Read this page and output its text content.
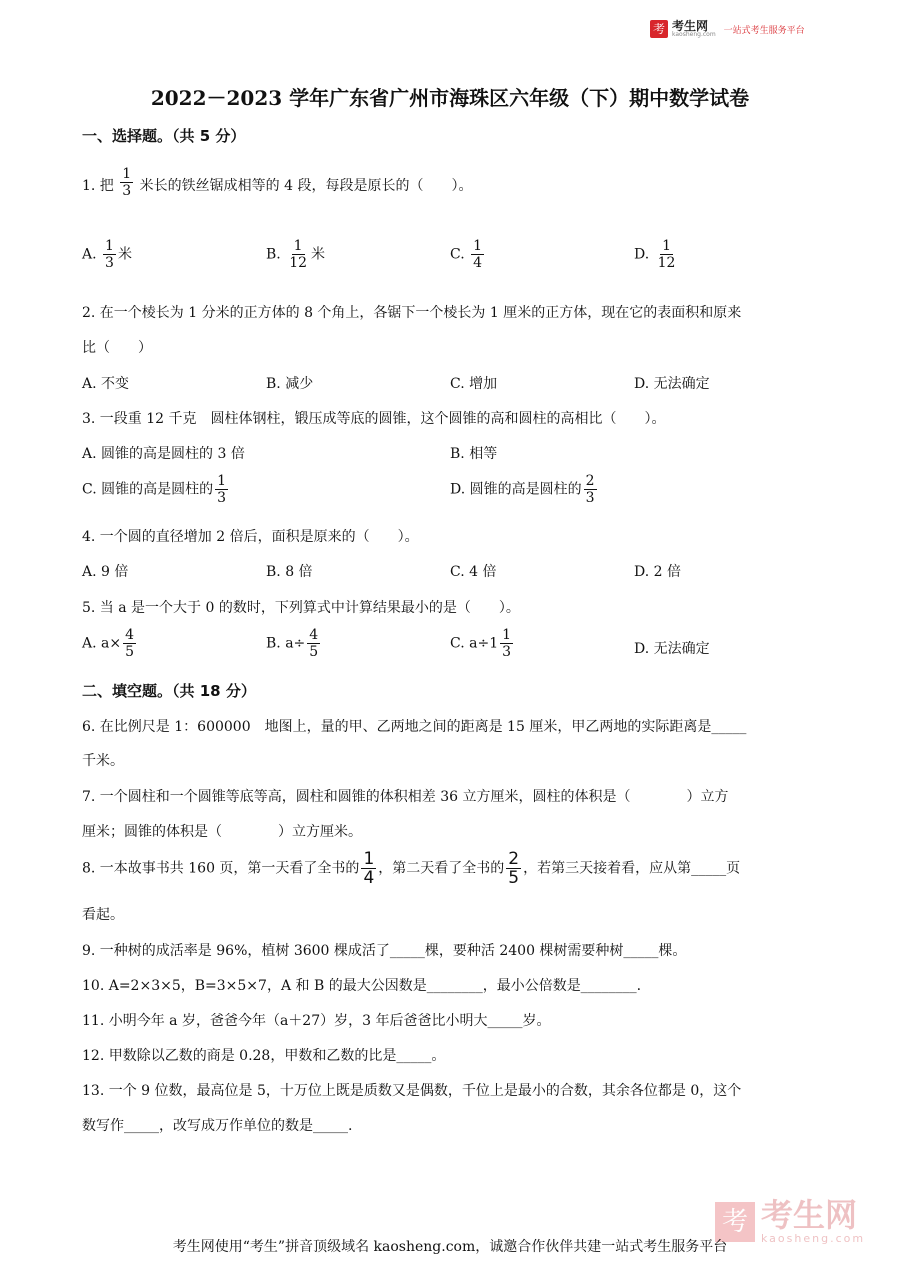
考 考生网
kaosheng.com 一站式考生服务平台
2022－2023 学年广东省广州市海珠区六年级（下）期中数学试卷
一、选择题。（共 5 分）
1. 把 $\frac{1}{3}$ 米长的铁丝锯成相等的 4 段，每段是原长的（　　）。
A. $\frac{1}{3}$ 米	B. $\frac{1}{12}$ 米	C. $\frac{1}{4}$	D. $\frac{1}{12}$
2. 在一个棱长为 1 分米的正方体的 8 个角上，各锯下一个棱长为 1 厘米的正方体，现在它的表面积和原来
比（　　）
A. 不变	B. 减少	C. 增加	D. 无法确定
3. 一段重 12 千克　圆柱体钢柱，锻压成等底的圆锥，这个圆锥的高和圆柱的高相比（　　）。
A. 圆锥的高是圆柱的 3 倍	B. 相等
C. 圆锥的高是圆柱的 $\frac{1}{3}$	D. 圆锥的高是圆柱的 $\frac{2}{3}$
4. 一个圆的直径增加 2 倍后，面积是原来的（　　）。
A. 9 倍	B. 8 倍	C. 4 倍	D. 2 倍
5. 当 a 是一个大于 0 的数时，下列算式中计算结果最小的是（　　）。
A. $a\times \frac{4}{5}$	B. $a\div \frac{4}{5}$	C. $a\div 1 \frac{1}{3}$	D. 无法确定
二、填空题。（共 18 分）
6. 在比例尺是 1：600000　地图上，量的甲、乙两地之间的距离是 15 厘米，甲乙两地的实际距离是_____
千米。
7. 一个圆柱和一个圆锥等底等高，圆柱和圆锥的体积相差 36 立方厘米，圆柱的体积是（　　　　）立方
厘米；圆锥的体积是（　　　　）立方厘米。
8. 一本故事书共 160 页，第一天看了全书的 $\frac{1}{4}$ ，第二天看了全书的 $\frac{2}{5}$ ，若第三天接着看，应从第_____页
看起。
9. 一种树的成活率是 96%，植树 3600 棵成活了_____棵，要种活 2400 棵树需要种树_____棵。
10. A=2×3×5，B=3×5×7，A 和 B 的最大公因数是________，最小公倍数是________.
11. 小明今年 a 岁，爸爸今年（a＋27）岁，3 年后爸爸比小明大_____岁。
12. 甲数除以乙数的商是 0.28，甲数和乙数的比是_____。
13. 一个 9 位数，最高位是 5，十万位上既是质数又是偶数，千位上是最小的合数，其余各位都是 0，这个
数写作_____，改写成万作单位的数是_____.
考 考生网
kaosheng.com
考生网使用“考生”拼音顶级域名 kaosheng.com，诚邀合作伙伴共建一站式考生服务平台
